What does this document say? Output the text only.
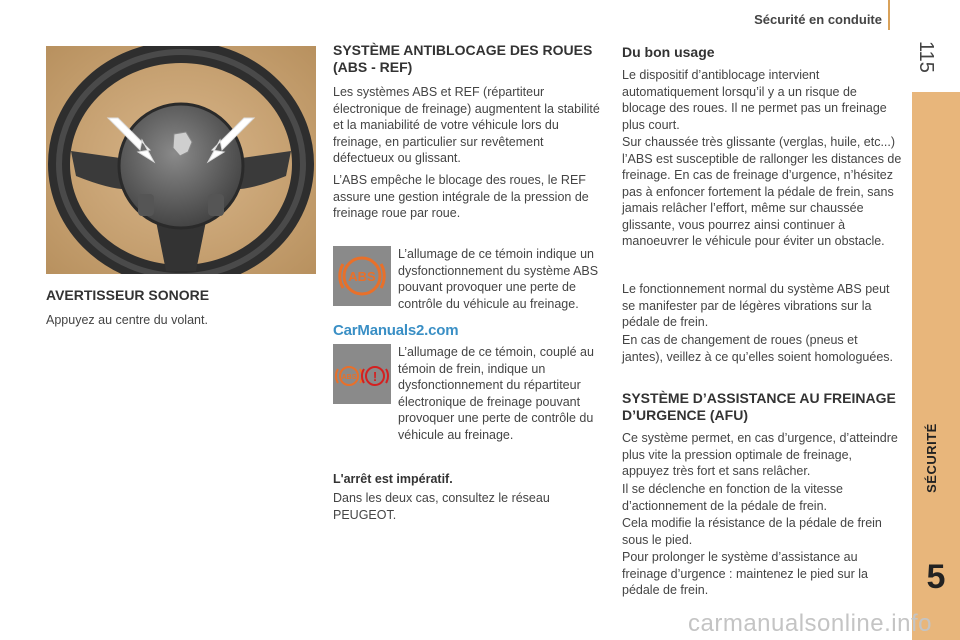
Sécurité en conduite
115
SÉCURITÉ
5
AVERTISSEUR SONORE

Appuyez au centre du volant.

SYSTÈME ANTIBLOCAGE DES ROUES (ABS - REF)

Les systèmes ABS et REF (répartiteur électronique de freinage) augmentent la stabilité et la maniabilité de votre véhicule lors du freinage, en particulier sur revêtement défectueux ou glissant.

L’ABS empêche le blocage des roues, le REF assure une gestion intégrale de la pression de freinage roue par roue.

ABS

L’allumage de ce témoin indique un dysfonctionnement du système ABS pouvant provoquer une perte de contrôle du véhicule au freinage.

CarManuals2.com
ABS !

L’allumage de ce témoin, couplé au témoin de frein, indique un dysfonctionnement du répartiteur électronique de freinage pouvant provoquer une perte de contrôle du véhicule au freinage.

L'arrêt est impératif.

Dans les deux cas, consultez le réseau PEUGEOT.

Du bon usage

Le dispositif d’antiblocage intervient automatiquement lorsqu’il y a un risque de blocage des roues. Il ne permet pas un freinage plus court.

Sur chaussée très glissante (verglas, huile, etc...) l’ABS est susceptible de rallonger les distances de freinage. En cas de freinage d’urgence, n’hésitez pas à enfoncer fortement la pédale de frein, sans jamais relâcher l’effort, même sur chaussée glissante, vous pourrez ainsi continuer à manoeuvrer le véhicule pour éviter un obstacle.

Le fonctionnement normal du système ABS peut se manifester par de légères vibrations sur la pédale de frein.

En cas de changement de roues (pneus et jantes), veillez à ce qu’elles soient homologuées.

SYSTÈME D’ASSISTANCE AU FREINAGE D’URGENCE (AFU)

Ce système permet, en cas d’urgence, d’atteindre plus vite la pression optimale de freinage, appuyez très fort et sans relâcher.

Il se déclenche en fonction de la vitesse d’actionnement de la pédale de frein.

Cela modifie la résistance de la pédale de frein sous le pied.

Pour prolonger le système d’assistance au freinage d’urgence : maintenez le pied sur la pédale de frein.

carmanualsonline.info
